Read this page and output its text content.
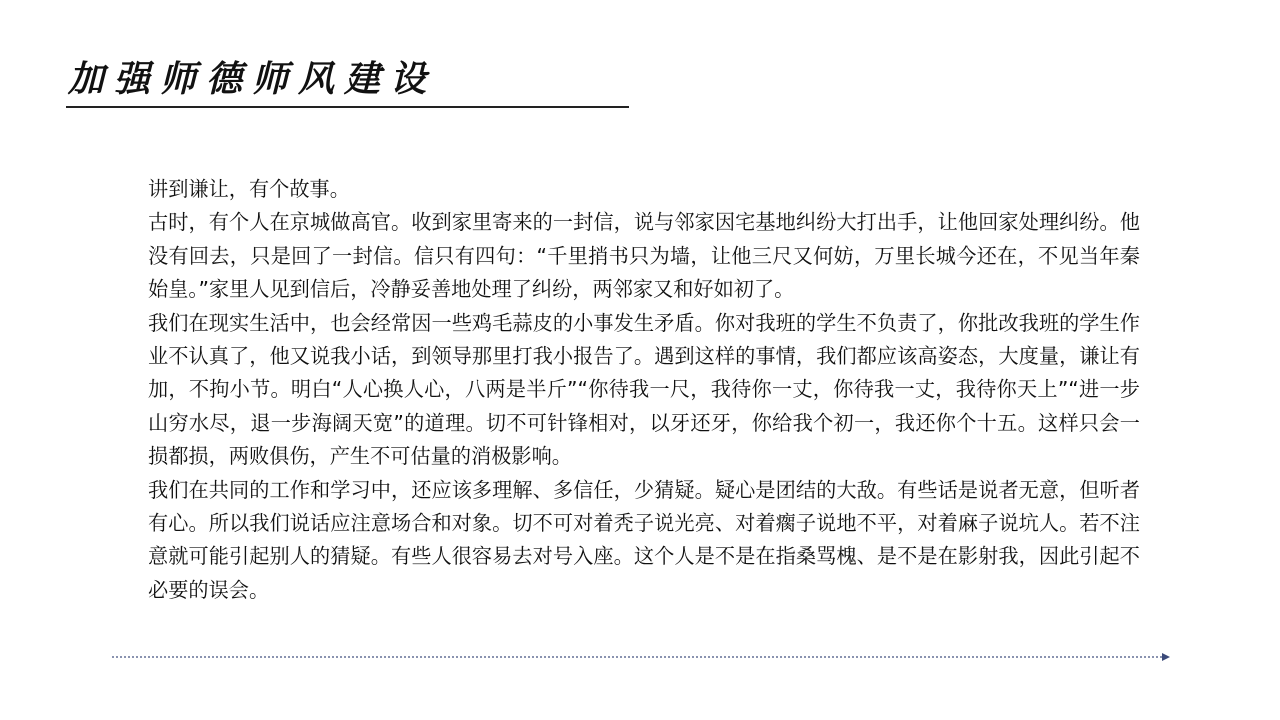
加强师德师风建设

讲到谦让，有个故事。

古时，有个人在京城做高官。收到家里寄来的一封信，说与邻家因宅基地纠纷大打出手，让他回家处理纠纷。他没有回去，只是回了一封信。信只有四句：“千里捎书只为墙，让他三尺又何妨，万里长城今还在，不见当年秦始皇。”家里人见到信后，冷静妥善地处理了纠纷，两邻家又和好如初了。

我们在现实生活中，也会经常因一些鸡毛蒜皮的小事发生矛盾。你对我班的学生不负责了，你批改我班的学生作业不认真了，他又说我小话，到领导那里打我小报告了。遇到这样的事情，我们都应该高姿态，大度量，谦让有加，不拘小节。明白“人心换人心，八两是半斤”“你待我一尺，我待你一丈，你待我一丈，我待你天上”“进一步山穷水尽，退一步海阔天宽”的道理。切不可针锋相对，以牙还牙，你给我个初一，我还你个十五。这样只会一损都损，两败俱伤，产生不可估量的消极影响。

我们在共同的工作和学习中，还应该多理解、多信任，少猜疑。疑心是团结的大敌。有些话是说者无意，但听者有心。所以我们说话应注意场合和对象。切不可对着秃子说光亮、对着瘸子说地不平，对着麻子说坑人。若不注意就可能引起别人的猜疑。有些人很容易去对号入座。这个人是不是在指桑骂槐、是不是在影射我，因此引起不必要的误会。
